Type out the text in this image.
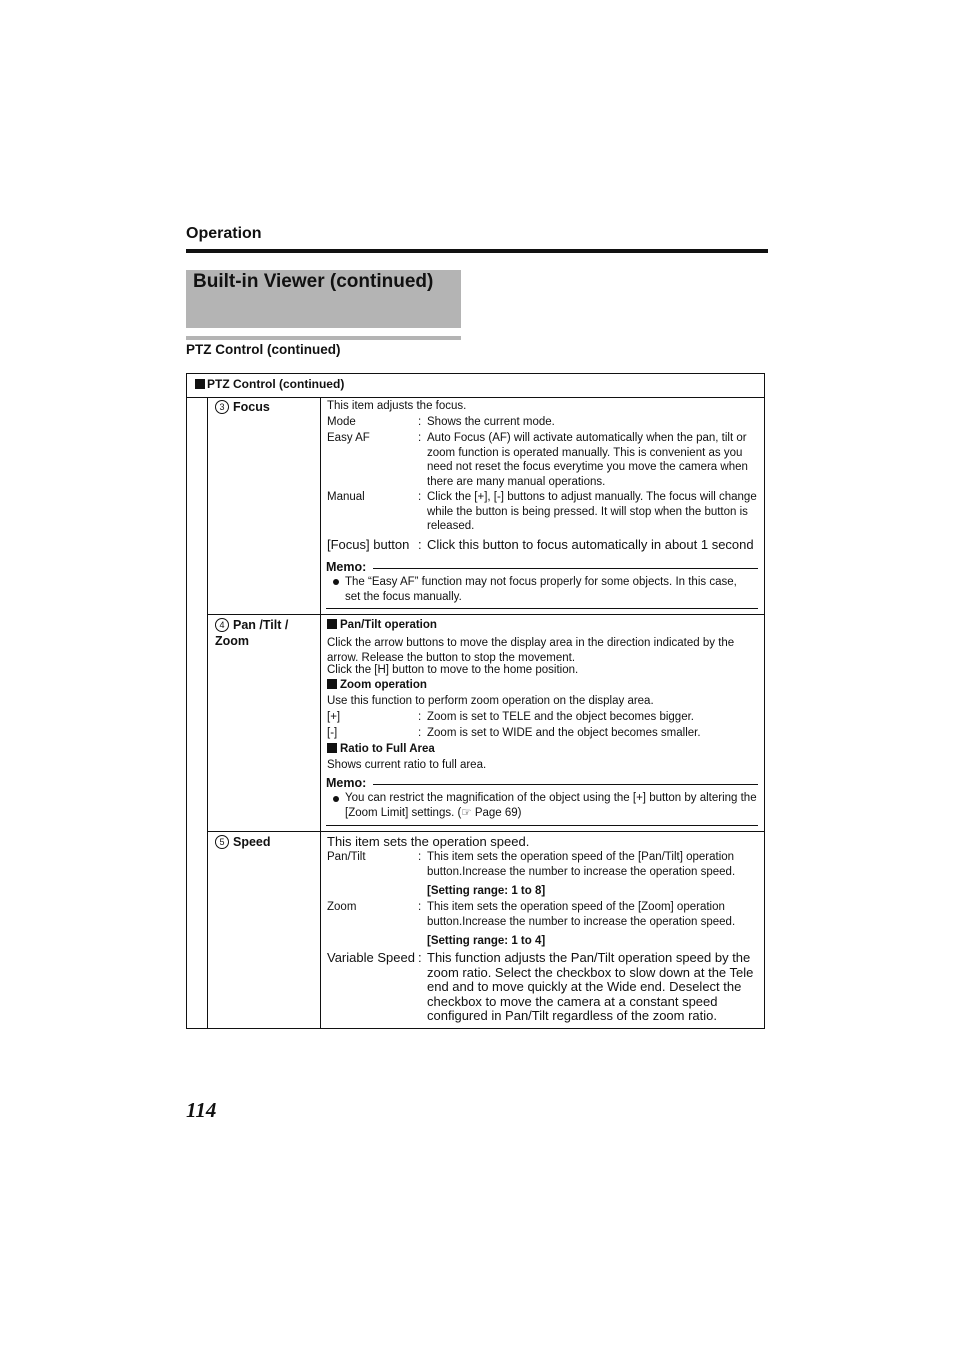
Operation
Built-in Viewer (continued)
PTZ Control (continued)
PTZ Control (continued)
3 Focus	This item adjusts the focus.
Mode	: Shows the current mode.
Easy AF	: Auto Focus (AF) will activate automatically when the pan, tilt or zoom function is operated manually. This is convenient as you need not reset the focus everytime you move the camera when there are many manual operations.
Manual	: Click the [+], [-] buttons to adjust manually. The focus will change while the button is being pressed. It will stop when the button is released.
[Focus] button : Click this button to focus automatically in about 1 second
Memo:
The “Easy AF” function may not focus properly for some objects. In this case, set the focus manually.
4 Pan /Tilt / Zoom
Pan/Tilt operation
Click the arrow buttons to move the display area in the direction indicated by the arrow. Release the button to stop the movement.
Click the [H] button to move to the home position.
Zoom operation
Use this function to perform zoom operation on the display area.
[+]	: Zoom is set to TELE and the object becomes bigger.
[-]	: Zoom is set to WIDE and the object becomes smaller.
Ratio to Full Area
Shows current ratio to full area.
Memo:
You can restrict the magnification of the object using the [+] button by altering the [Zoom Limit] settings. (☞ Page 69)
5 Speed	This item sets the operation speed.
Pan/Tilt	: This item sets the operation speed of the [Pan/Tilt] operation button.Increase the number to increase the operation speed.
[Setting range: 1 to 8]
Zoom	: This item sets the operation speed of the [Zoom] operation button.Increase the number to increase the operation speed.
[Setting range: 1 to 4]
Variable Speed : This function adjusts the Pan/Tilt operation speed by the zoom ratio. Select the checkbox to slow down at the Tele end and to move quickly at the Wide end. Deselect the checkbox to move the camera at a constant speed configured in Pan/Tilt regardless of the zoom ratio.
114
